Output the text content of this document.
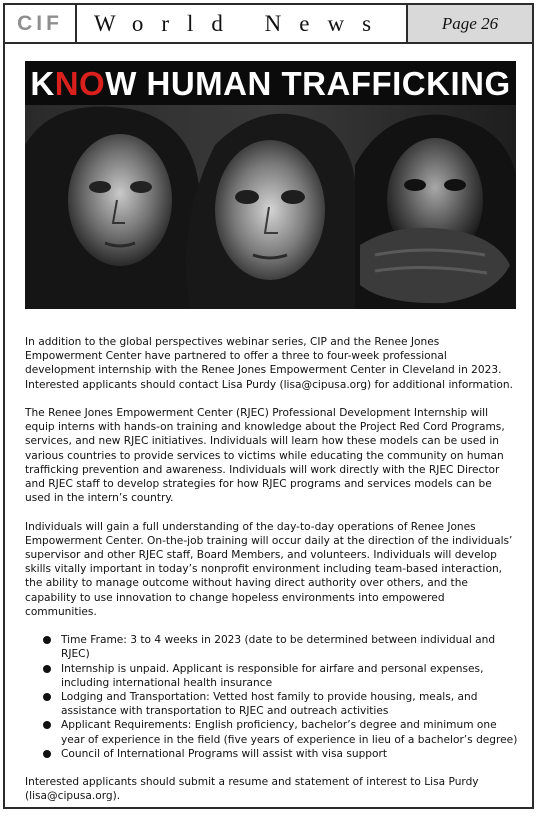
CIF	World News	Page 26
KNOW HUMAN TRAFFICKING

In addition to the global perspectives webinar series, CIP and the Renee Jones Empowerment Center have partnered to offer a three to four-week professional development internship with the Renee Jones Empowerment Center in Cleveland in 2023. Interested applicants should contact Lisa Purdy (lisa@cipusa.org) for additional information.

The Renee Jones Empowerment Center (RJEC) Professional Development Internship will equip interns with hands-on training and knowledge about the Project Red Cord Programs, services, and new RJEC initiatives. Individuals will learn how these models can be used in various countries to provide services to victims while educating the community on human trafficking prevention and awareness. Individuals will work directly with the RJEC Director and RJEC staff to develop strategies for how RJEC programs and services models can be used in the intern’s country.

Individuals will gain a full understanding of the day-to-day operations of Renee Jones Empowerment Center. On-the-job training will occur daily at the direction of the individuals’ supervisor and other RJEC staff, Board Members, and volunteers. Individuals will develop skills vitally important in today’s nonprofit environment including team-based interaction, the ability to manage outcome without having direct authority over others, and the capability to use innovation to change hopeless environments into empowered communities.

Time Frame: 3 to 4 weeks in 2023 (date to be determined between individual and RJEC)
Internship is unpaid. Applicant is responsible for airfare and personal expenses, including international health insurance
Lodging and Transportation: Vetted host family to provide housing, meals, and assistance with transportation to RJEC and outreach activities
Applicant Requirements: English proficiency, bachelor’s degree and minimum one year of experience in the field (five years of experience in lieu of a bachelor’s degree)
Council of International Programs will assist with visa support

Interested applicants should submit a resume and statement of interest to Lisa Purdy (lisa@cipusa.org).
